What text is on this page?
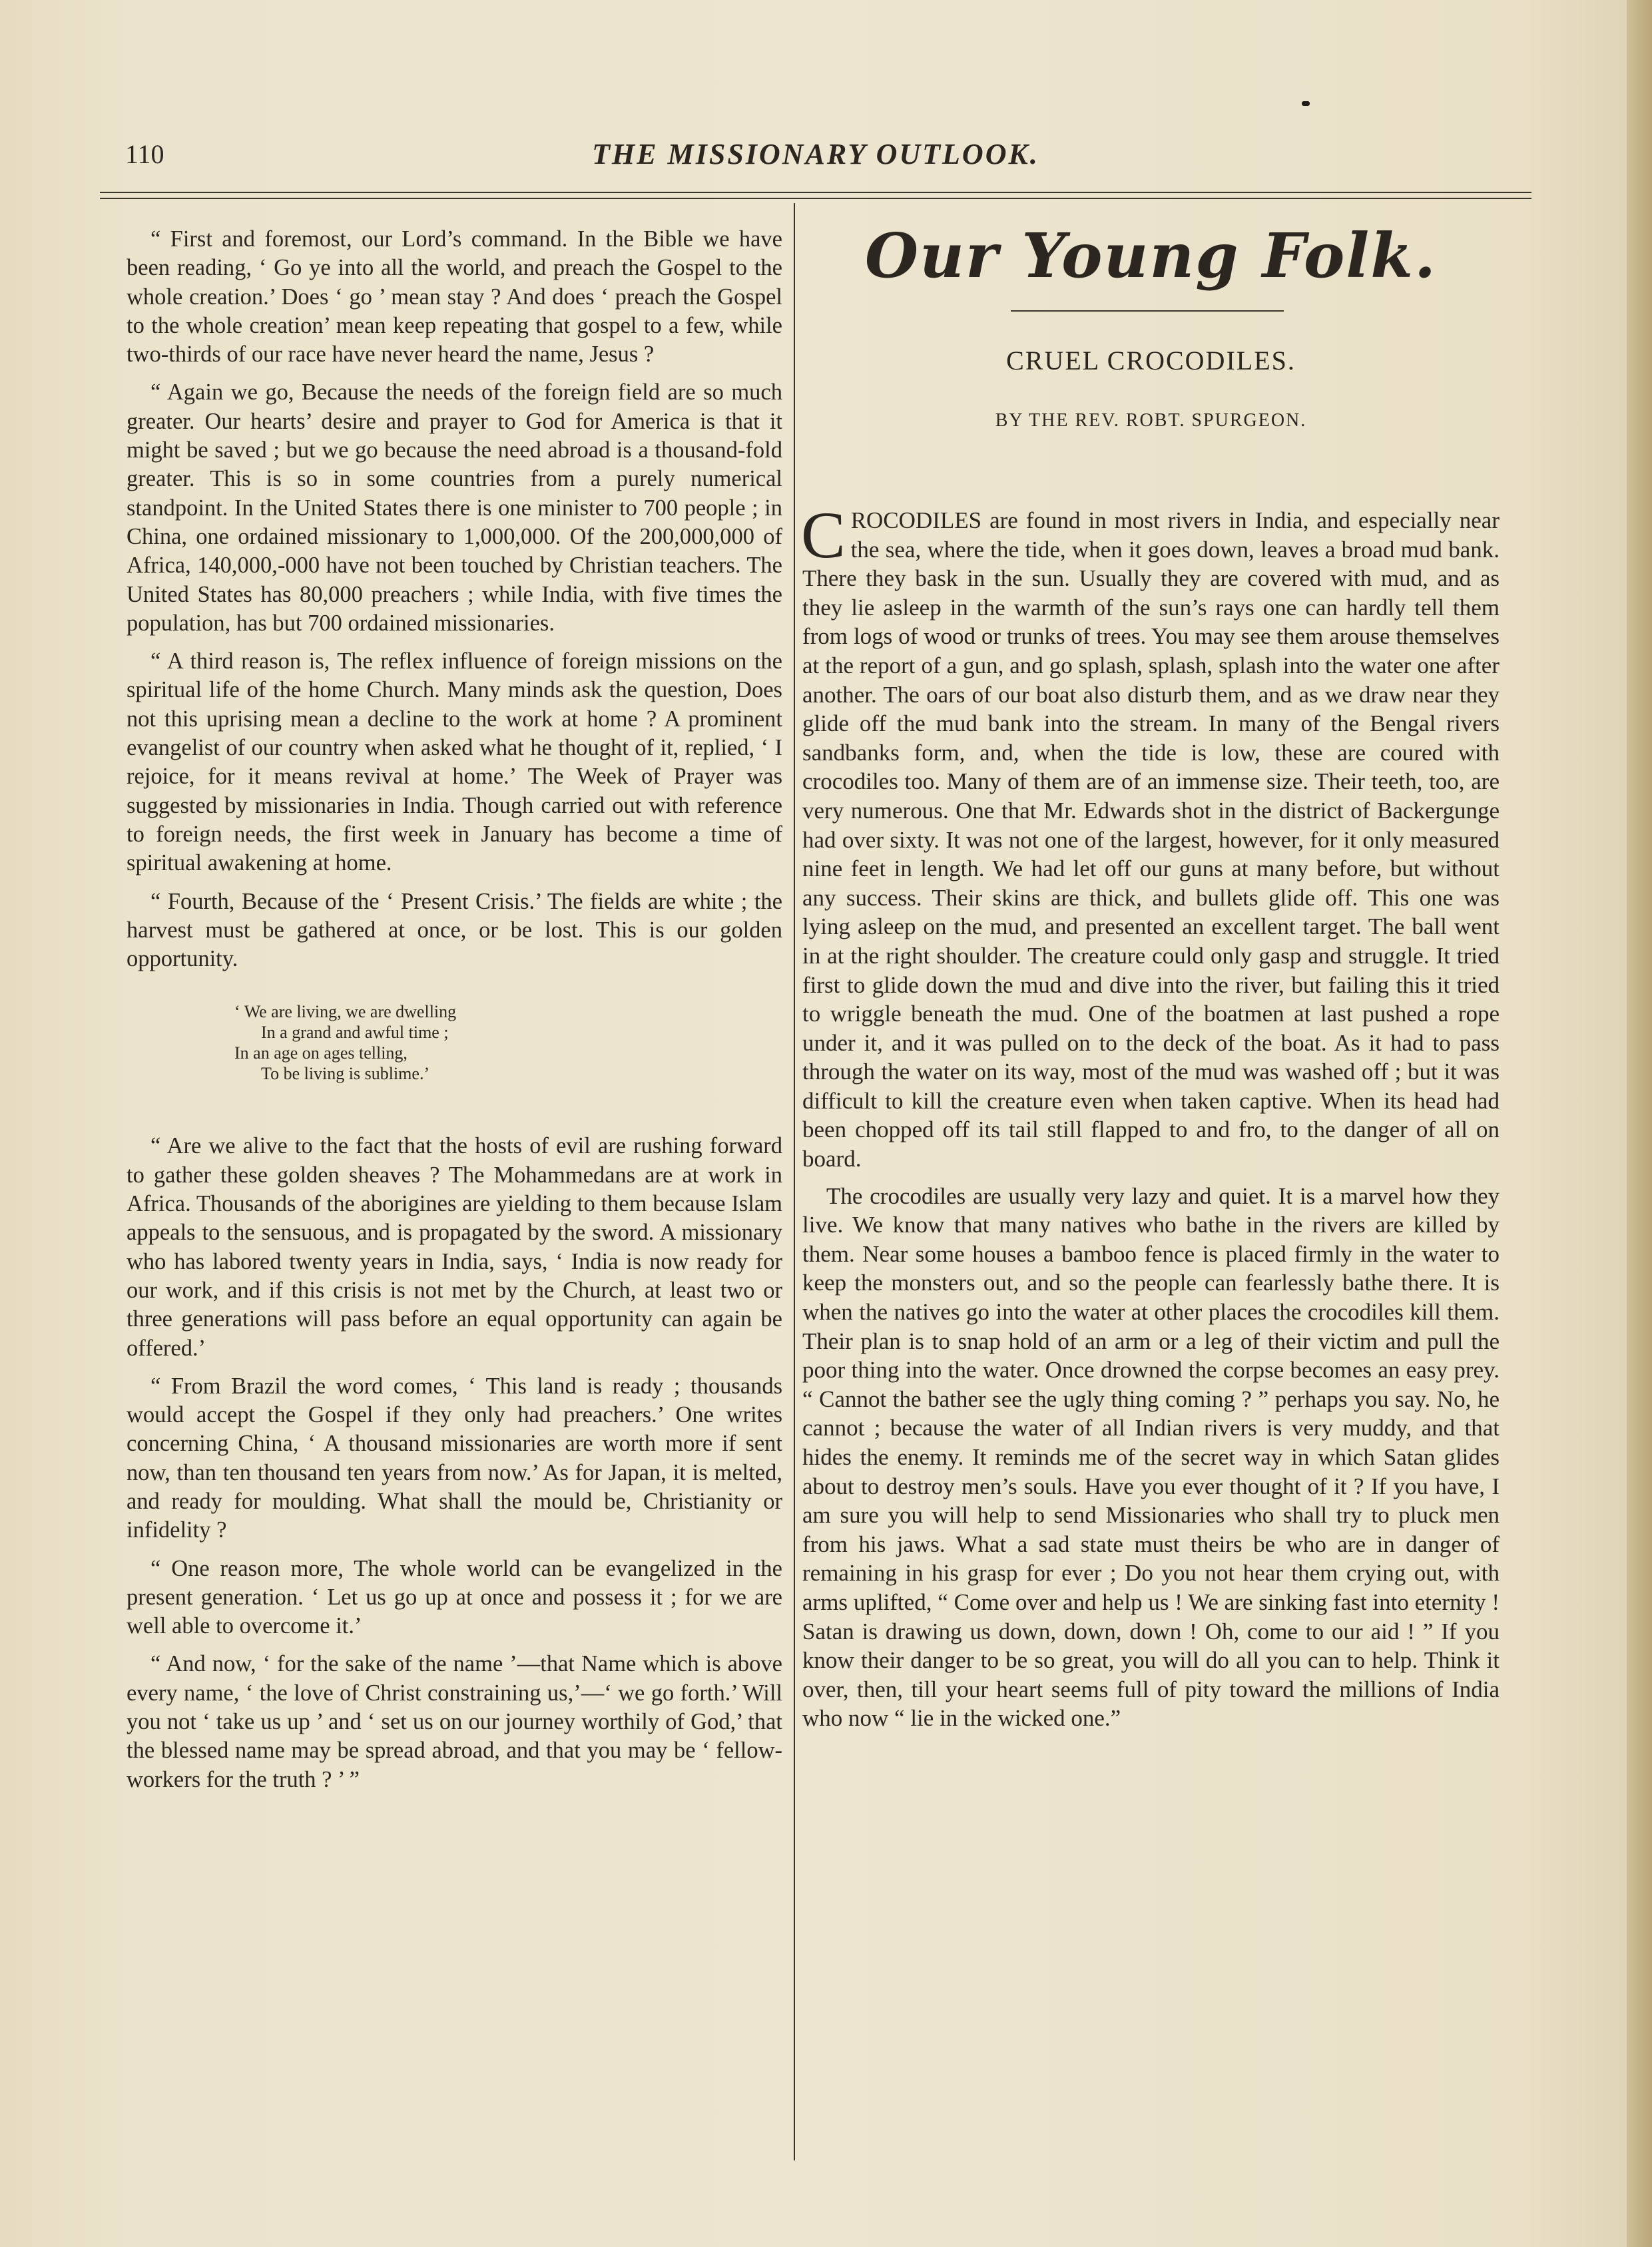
110	THE MISSIONARY OUTLOOK.

“ First and foremost, our Lord’s command. In the Bible we have been reading, ‘ Go ye into all the world, and preach the Gospel to the whole creation.’ Does ‘ go ’ mean stay ? And does ‘ preach the Gospel to the whole creation’ mean keep repeating that gospel to a few, while two-thirds of our race have never heard the name, Jesus ?

“ Again we go, Because the needs of the foreign field are so much greater. Our hearts’ desire and prayer to God for America is that it might be saved ; but we go because the need abroad is a thousand-fold greater. This is so in some countries from a purely numerical standpoint. In the United States there is one minister to 700 people ; in China, one ordained missionary to 1,000,000. Of the 200,000,000 of Africa, 140,000,-000 have not been touched by Christian teachers. The United States has 80,000 preachers ; while India, with five times the population, has but 700 ordained missionaries.

“ A third reason is, The reflex influence of foreign missions on the spiritual life of the home Church. Many minds ask the question, Does not this uprising mean a decline to the work at home ? A prominent evangelist of our country when asked what he thought of it, replied, ‘ I rejoice, for it means revival at home.’ The Week of Prayer was suggested by missionaries in India. Though carried out with reference to foreign needs, the first week in January has become a time of spiritual awakening at home.

“ Fourth, Because of the ‘ Present Crisis.’ The fields are white ; the harvest must be gathered at once, or be lost. This is our golden opportunity.

‘ We are living, we are dwelling
In a grand and awful time ;
In an age on ages telling,
To be living is sublime.’

“ Are we alive to the fact that the hosts of evil are rushing forward to gather these golden sheaves ? The Mohammedans are at work in Africa. Thousands of the aborigines are yielding to them because Islam appeals to the sensuous, and is propagated by the sword. A missionary who has labored twenty years in India, says, ‘ India is now ready for our work, and if this crisis is not met by the Church, at least two or three generations will pass before an equal opportunity can again be offered.’

“ From Brazil the word comes, ‘ This land is ready ; thousands would accept the Gospel if they only had preachers.’ One writes concerning China, ‘ A thousand missionaries are worth more if sent now, than ten thousand ten years from now.’ As for Japan, it is melted, and ready for moulding. What shall the mould be, Christianity or infidelity ?

“ One reason more, The whole world can be evangelized in the present generation. ‘ Let us go up at once and possess it ; for we are well able to overcome it.’

“ And now, ‘ for the sake of the name ’—that Name which is above every name, ‘ the love of Christ constraining us,’—‘ we go forth.’ Will you not ‘ take us up ’ and ‘ set us on our journey worthily of God,’ that the blessed name may be spread abroad, and that you may be ‘ fellow-workers for the truth ? ’ ”

Our Young Folk.
CRUEL CROCODILES.
BY THE REV. ROBT. SPURGEON.

CROCODILES are found in most rivers in India, and especially near the sea, where the tide, when it goes down, leaves a broad mud bank. There they bask in the sun. Usually they are covered with mud, and as they lie asleep in the warmth of the sun’s rays one can hardly tell them from logs of wood or trunks of trees. You may see them arouse themselves at the report of a gun, and go splash, splash, splash into the water one after another. The oars of our boat also disturb them, and as we draw near they glide off the mud bank into the stream. In many of the Bengal rivers sandbanks form, and, when the tide is low, these are coured with crocodiles too. Many of them are of an immense size. Their teeth, too, are very numerous. One that Mr. Edwards shot in the district of Backergunge had over sixty. It was not one of the largest, however, for it only measured nine feet in length. We had let off our guns at many before, but without any success. Their skins are thick, and bullets glide off. This one was lying asleep on the mud, and presented an excellent target. The ball went in at the right shoulder. The creature could only gasp and struggle. It tried first to glide down the mud and dive into the river, but failing this it tried to wriggle beneath the mud. One of the boatmen at last pushed a rope under it, and it was pulled on to the deck of the boat. As it had to pass through the water on its way, most of the mud was washed off ; but it was difficult to kill the creature even when taken captive. When its head had been chopped off its tail still flapped to and fro, to the danger of all on board.

The crocodiles are usually very lazy and quiet. It is a marvel how they live. We know that many natives who bathe in the rivers are killed by them. Near some houses a bamboo fence is placed firmly in the water to keep the monsters out, and so the people can fearlessly bathe there. It is when the natives go into the water at other places the crocodiles kill them. Their plan is to snap hold of an arm or a leg of their victim and pull the poor thing into the water. Once drowned the corpse becomes an easy prey. “ Cannot the bather see the ugly thing coming ? ” perhaps you say. No, he cannot ; because the water of all Indian rivers is very muddy, and that hides the enemy. It reminds me of the secret way in which Satan glides about to destroy men’s souls. Have you ever thought of it ? If you have, I am sure you will help to send Missionaries who shall try to pluck men from his jaws. What a sad state must theirs be who are in danger of remaining in his grasp for ever ; Do you not hear them crying out, with arms uplifted, “ Come over and help us ! We are sinking fast into eternity ! Satan is drawing us down, down, down ! Oh, come to our aid ! ” If you know their danger to be so great, you will do all you can to help. Think it over, then, till your heart seems full of pity toward the millions of India who now “ lie in the wicked one.”
